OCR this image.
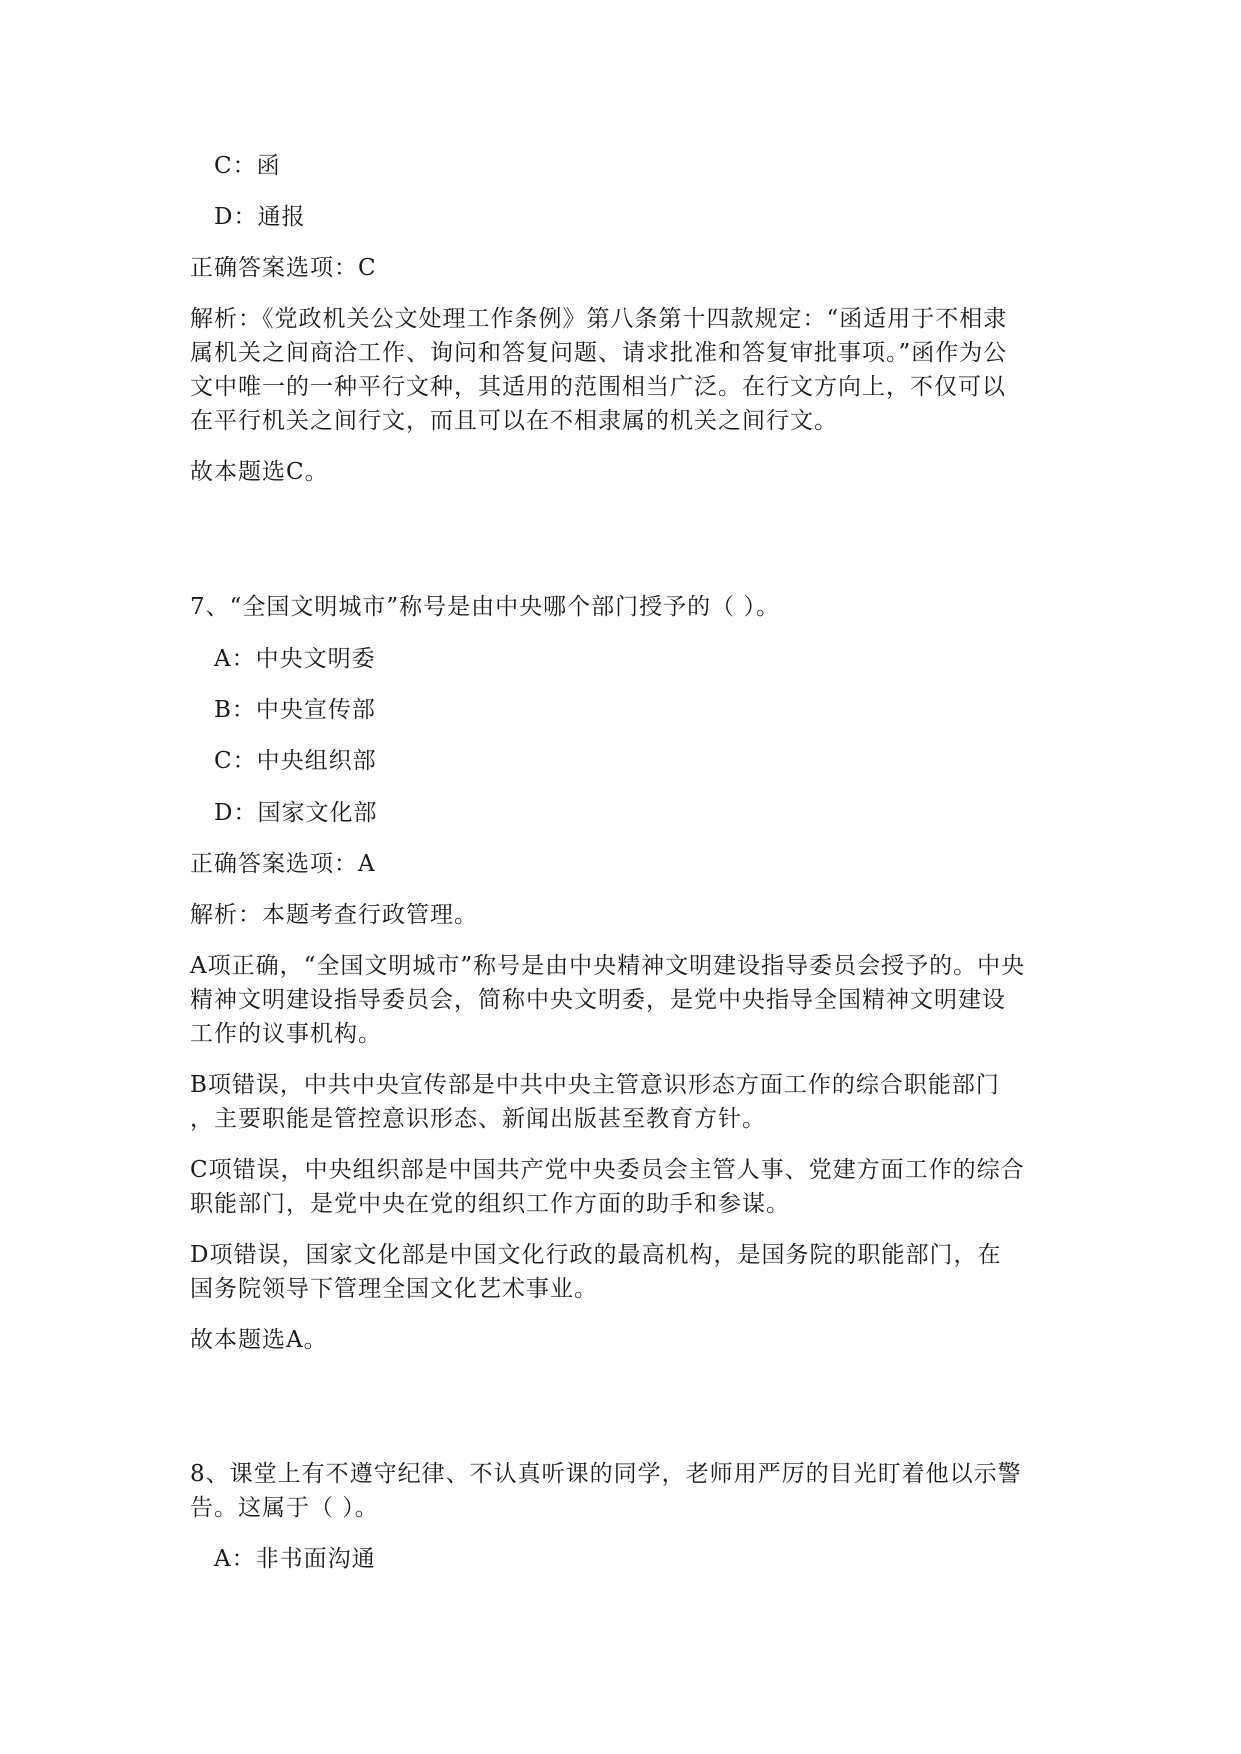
C：函
D：通报
正确答案选项：C
解析：《党政机关公文处理工作条例》第八条第十四款规定：“函适用于不相隶
属机关之间商洽工作、询问和答复问题、请求批准和答复审批事项。”函作为公
文中唯一的一种平行文种，其适用的范围相当广泛。在行文方向上，不仅可以
在平行机关之间行文，而且可以在不相隶属的机关之间行文。
故本题选C。
7、“全国文明城市”称号是由中央哪个部门授予的（ ）。
A：中央文明委
B：中央宣传部
C：中央组织部
D：国家文化部
正确答案选项：A
解析：本题考查行政管理。
A项正确，“全国文明城市”称号是由中央精神文明建设指导委员会授予的。中央
精神文明建设指导委员会，简称中央文明委，是党中央指导全国精神文明建设
工作的议事机构。
B项错误，中共中央宣传部是中共中央主管意识形态方面工作的综合职能部门
，主要职能是管控意识形态、新闻出版甚至教育方针。
C项错误，中央组织部是中国共产党中央委员会主管人事、党建方面工作的综合
职能部门，是党中央在党的组织工作方面的助手和参谋。
D项错误，国家文化部是中国文化行政的最高机构，是国务院的职能部门，在
国务院领导下管理全国文化艺术事业。
故本题选A。
8、课堂上有不遵守纪律、不认真听课的同学，老师用严厉的目光盯着他以示警
告。这属于（ ）。
A：非书面沟通
